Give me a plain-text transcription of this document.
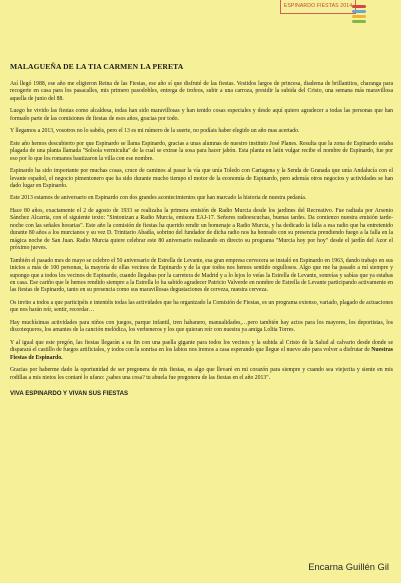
ESPINARDO FIESTAS 2014
MALAGUEÑA DE LA TIA CARMEN LA PERETA

Así llegó 1988, ese año me eligieron Reina de las Fiestas, ese año sí que disfruté de las fiestas. Vestidos largos de princesa, diadema de brillantitos, charanga para recogerte en casa para los pasacalles, mis primero pasodobles, entrega de trofeos, subir a una carroza, presidir la subida del Cristo, una semana más maravillosa aquella de junio del 88.

Luego he vivido las fiestas como alcaldesa, todas han sido maravillosas y han tenido cosas especiales y desde aquí quiero agradecer a todas las personas que han formado parte de las comisiones de fiestas de esos años, gracias por todo.

Y llegamos a 2013, vosotros no lo sabéis, pero el 13 es mi número de la suerte, no podíais haber elegido un año mas acertado.

Este año hemos descubierto por que Espinardo se llama Espinardo, gracias a unas alumnas de nuestro instituto José Planes. Resulta que la zona de Espinardo estaba plagada de una planta llamada "Solsola vermiculta" de la cual se extrae la sosa para hacer jabón. Esta planta en latín vulgar recibe el nombre de Espinardo, fue por eso por lo que los romanos bautizaron la villa con ese nombre.

Espinardo ha sido importante por muchas cosas, cruce de caminos al pasar la vía que unía Toledo con Cartagena y la Senda de Granada que unía Andalucía con el levante español, el negocio pimentonero que ha sido durante mucho tiempo el motor de la economía de Espinardo, pero además otros negocios y actividades se han dado lugar en Espinardo.

Este 2013 estamos de aniversario en Espinardo con dos grandes acontecimientos que han marcado la historia de nuestra pedanía.

Hace 80 años, exactamente el 2 de agosto de 1933 se realizaba la primera emisión de Radio Murcia desde los jardines del Recreativo. Fue radiada por Arsenio Sánchez Alcarria, con el siguiente texto: "Sintonizan a Radio Murcia, emisora EAJ-17. Señores radioescuchas, buenas tardes. Da comienzo nuestra emisión tarde-noche con las señales horarias". Este año la comisión de fiestas ha querido rendir un homenaje a Radio Murcia, y ha dedicado la falla a esa radio que ha entretenido durante 80 años a los murcianos y su vez D. Trinitario Abadía, sobrino del fundador de dicha radio nos ha honrado con su presencia prendiendo fuego a la falla en la mágica noche de San Juan. Radio Murcia quiere celebrar este 80 aniversario realizando en directo su programa "Murcia hoy por hoy" desde el jardín del Azor el próximo jueves.

También el pasado mes de mayo se celebro el 50 aniversario de Estrella de Levante, esa gran empresa cervecera se instaló en Espinardo en 1963, dando trabajo en sus inicios a más de 100 personas, la mayoría de ellas vecinos de Espinardo y de la que todos nos hemos sentido orgullosos. Algo que me ha pasado a mí siempre y supongo que a todos los vecinos de Espinardo, cuando llegabas por la carretera de Madrid y a lo lejos lo veías la Estrella de Levante, sonreías y sabías que ya estabas en casa. Ese cariño que le hemos rendido siempre a la Estrella lo ha sabido agradecer Patricio Valverde en nombre de Estrella de Levante participando activamente en las fiestas de Espinardo, tanto en su presencia como sus maravillosas degustaciones de cerveza, nuestra cerveza.

Os invito a todos a que participéis e intentéis todas las actividades que ha organizado la Comisión de Fiestas, es un programa extenso, variado, plagado de actuaciones que nos harán reír, sentir, recordar…

Hay muchísimas actividades para niños con juegos, parque infantil, tren habanero, manualidades,…pero también hay actos para los mayores, los deportistas, los discotequeros, los amantes de la canción melódica, los verbeneros y los que quieran reír con nuestra ya amiga Lolita Torres.

Y al igual que este pregón, las fiestas llegarán a su fin con una paella gigante para todos los vecinos y la subida al Cristo de la Salud al calvario desde donde se disparará el castillo de fuegos artificiales, y todos con la sonrisa en los labios nos iremos a casa esperando que llegue el nuevo año para volver a disfrutar de Nuestras Fiestas de Espinardo.

Gracias por haberme dado la oportunidad de ser pregonera de mis fiestas, es algo que llevaré en mi corazón para siempre y cuando sea viejecita y siente en mis rodillas a mis nietos les contaré lo ufano: ¿sabes una cosa? tu abuela fue pregonera de las fiestas en el año 2013".

VIVA ESPINARDO Y VIVAN SUS FIESTAS

Encarna Guillén Gil
